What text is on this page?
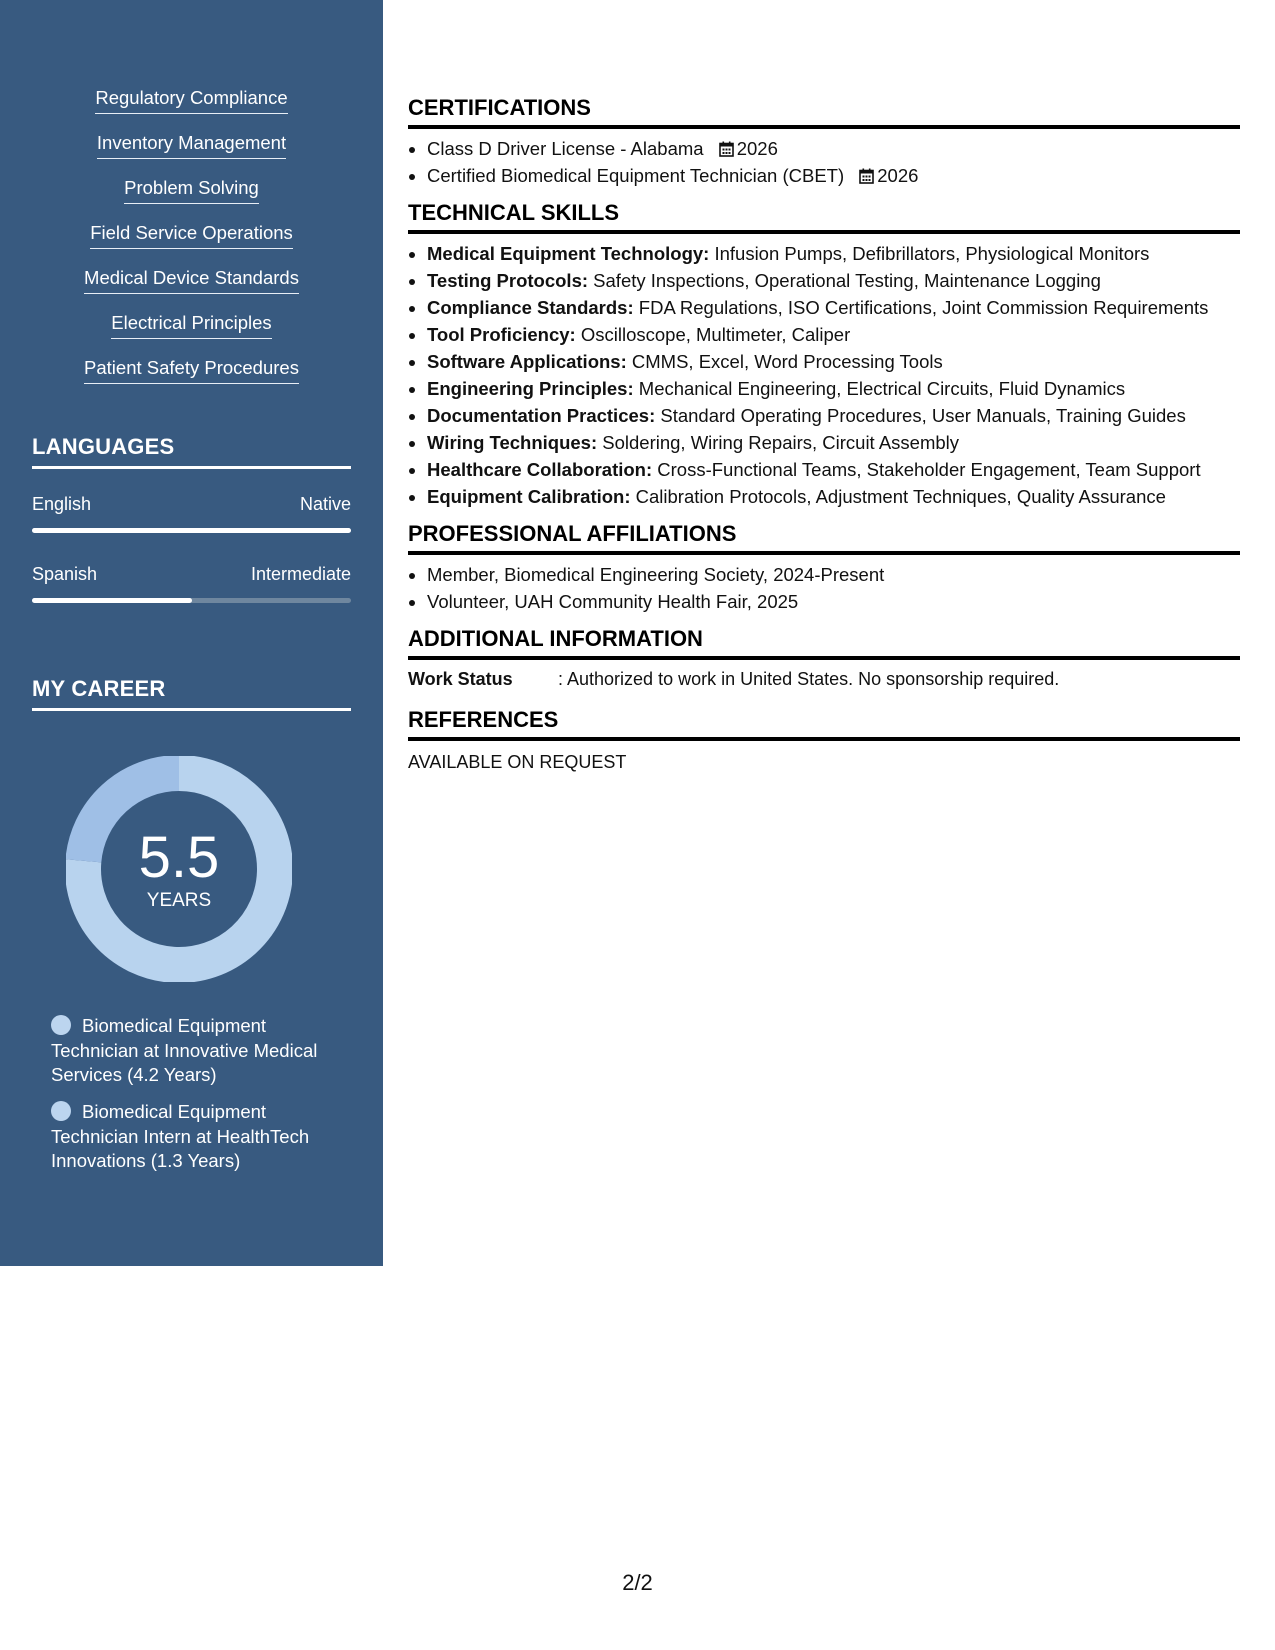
Regulatory Compliance
Inventory Management
Problem Solving
Field Service Operations
Medical Device Standards
Electrical Principles
Patient Safety Procedures
LANGUAGES
English	Native
Spanish	Intermediate
MY CAREER
5.5
YEARS
Biomedical Equipment Technician at Innovative Medical Services (4.2 Years)
Biomedical Equipment Technician Intern at HealthTech Innovations (1.3 Years)
CERTIFICATIONS
• Class D Driver License - Alabama 2026
• Certified Biomedical Equipment Technician (CBET) 2026
TECHNICAL SKILLS
• Medical Equipment Technology: Infusion Pumps, Defibrillators, Physiological Monitors
• Testing Protocols: Safety Inspections, Operational Testing, Maintenance Logging
• Compliance Standards: FDA Regulations, ISO Certifications, Joint Commission Requirements
• Tool Proficiency: Oscilloscope, Multimeter, Caliper
• Software Applications: CMMS, Excel, Word Processing Tools
• Engineering Principles: Mechanical Engineering, Electrical Circuits, Fluid Dynamics
• Documentation Practices: Standard Operating Procedures, User Manuals, Training Guides
• Wiring Techniques: Soldering, Wiring Repairs, Circuit Assembly
• Healthcare Collaboration: Cross-Functional Teams, Stakeholder Engagement, Team Support
• Equipment Calibration: Calibration Protocols, Adjustment Techniques, Quality Assurance
PROFESSIONAL AFFILIATIONS
• Member, Biomedical Engineering Society, 2024-Present
• Volunteer, UAH Community Health Fair, 2025
ADDITIONAL INFORMATION
Work Status	: Authorized to work in United States. No sponsorship required.
REFERENCES
AVAILABLE ON REQUEST
2/2
